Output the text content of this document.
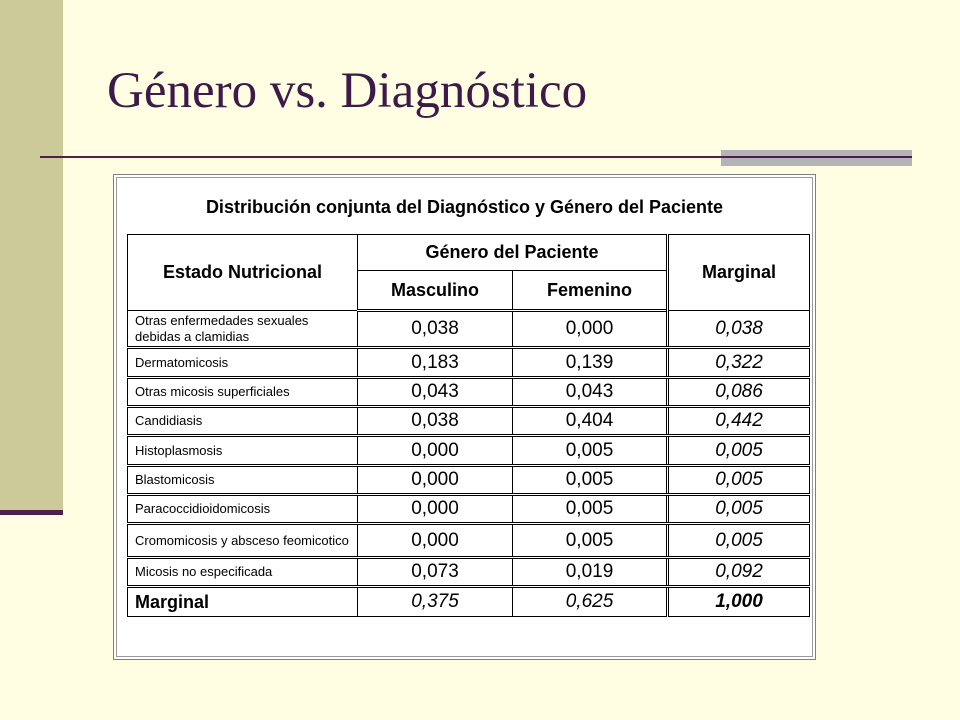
Género vs. Diagnóstico
Estado Nutricional	Género del Paciente		Marginal
	Masculino	Femenino	
Otras enfermedades sexuales debidas a clamidias	0,038	0,000	0,038
Dermatomicosis	0,183	0,139	0,322
Otras micosis superficiales	0,043	0,043	0,086
Candidiasis	0,038	0,404	0,442
Histoplasmosis	0,000	0,005	0,005
Blastomicosis	0,000	0,005	0,005
Paracoccidioidomicosis	0,000	0,005	0,005
Cromomicosis y absceso feomicotico	0,000	0,005	0,005
Micosis no especificada	0,073	0,019	0,092
Marginal	0,375	0,625	1,000
Distribución conjunta del Diagnóstico y Género del Paciente
